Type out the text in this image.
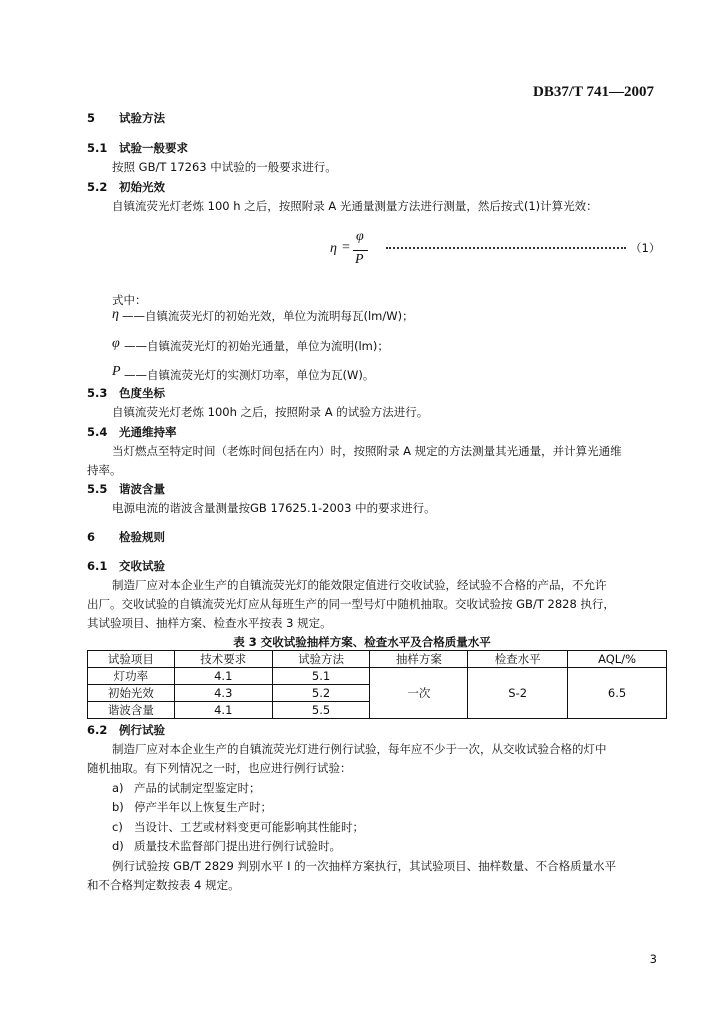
DB37/T 741—2007
5 试验方法
5.1 试验一般要求
按照 GB/T 17263 中试验的一般要求进行。
5.2 初始光效
自镇流荧光灯老炼 100 h 之后，按照附录 A 光通量测量方法进行测量，然后按式(1)计算光效：
η =
φ
P
（1）
式中：
η ——自镇流荧光灯的初始光效，单位为流明每瓦(lm/W)；
φ ——自镇流荧光灯的初始光通量，单位为流明(lm)；
P ——自镇流荧光灯的实测灯功率，单位为瓦(W)。
5.3 色度坐标
自镇流荧光灯老炼 100h 之后，按照附录 A 的试验方法进行。
5.4 光通维持率
当灯燃点至特定时间（老炼时间包括在内）时，按照附录 A 规定的方法测量其光通量，并计算光通维
持率。
5.5 谐波含量
电源电流的谐波含量测量按GB 17625.1-2003 中的要求进行。
6 检验规则
6.1 交收试验
制造厂应对本企业生产的自镇流荧光灯的能效限定值进行交收试验，经试验不合格的产品，不允许
出厂。交收试验的自镇流荧光灯应从每班生产的同一型号灯中随机抽取。交收试验按 GB/T 2828 执行，
其试验项目、抽样方案、检查水平按表 3 规定。
表 3 交收试验抽样方案、检查水平及合格质量水平
试验项目	技术要求	试验方法	抽样方案	检查水平	AQL/%
灯功率	4.1	5.1	一次	S-2	6.5
初始光效	4.3	5.2			
谐波含量	4.1	5.5			
6.2 例行试验
制造厂应对本企业生产的自镇流荧光灯进行例行试验，每年应不少于一次，从交收试验合格的灯中
随机抽取。有下列情况之一时，也应进行例行试验：
a) 产品的试制定型鉴定时；
b) 停产半年以上恢复生产时；
c) 当设计、工艺或材料变更可能影响其性能时；
d) 质量技术监督部门提出进行例行试验时。
例行试验按 GB/T 2829 判别水平 I 的一次抽样方案执行，其试验项目、抽样数量、不合格质量水平
和不合格判定数按表 4 规定。
3
